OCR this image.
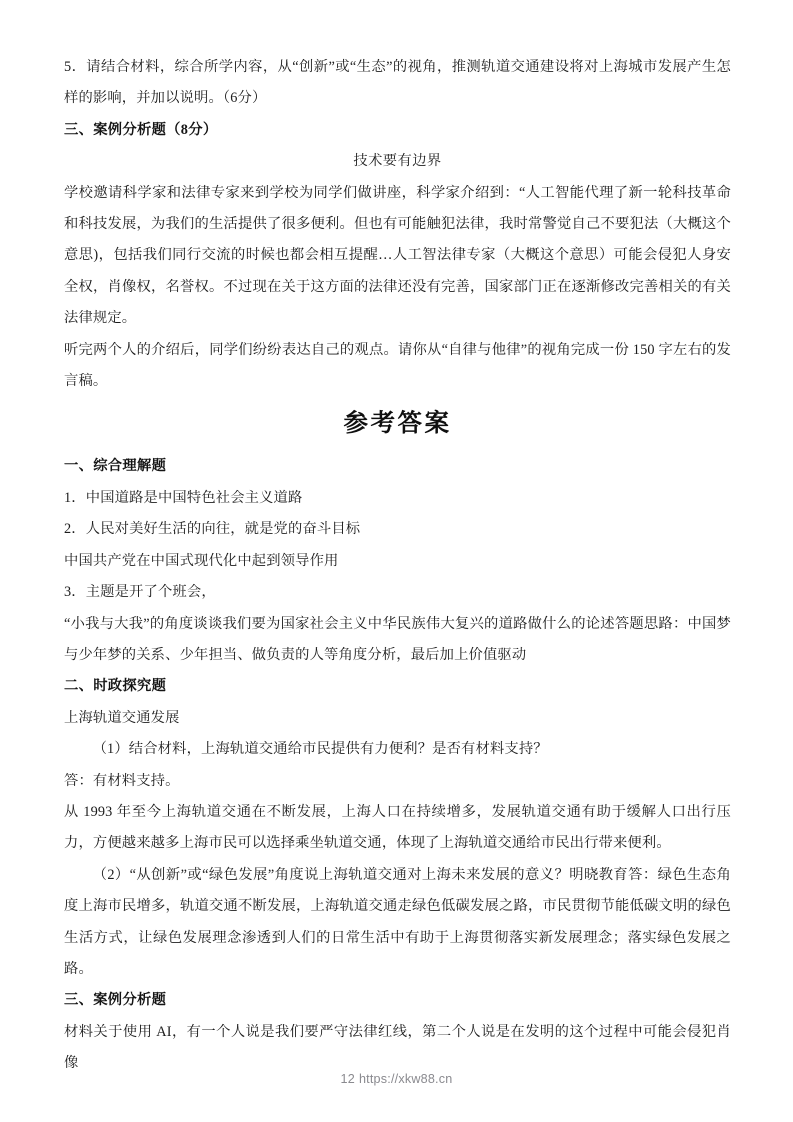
5．请结合材料，综合所学内容，从“创新”或“生态”的视角，推测轨道交通建设将对上海城市发展产生怎样的影响，并加以说明。（6分）

三、案例分析题（8分）

技术要有边界

学校邀请科学家和法律专家来到学校为同学们做讲座，科学家介绍到：“人工智能代理了新一轮科技革命和科技发展，为我们的生活提供了很多便利。但也有可能触犯法律，我时常警觉自己不要犯法（大概这个意思)，包括我们同行交流的时候也都会相互提醒…人工智法律专家（大概这个意思）可能会侵犯人身安全权，肖像权，名誉权。不过现在关于这方面的法律还没有完善，国家部门正在逐渐修改完善相关的有关法律规定。

听完两个人的介绍后，同学们纷纷表达自己的观点。请你从“自律与他律”的视角完成一份 150 字左右的发言稿。

参考答案

一、综合理解题

1．中国道路是中国特色社会主义道路

2．人民对美好生活的向往，就是党的奋斗目标

中国共产党在中国式现代化中起到领导作用

3．主题是开了个班会，

“小我与大我”的角度谈谈我们要为国家社会主义中华民族伟大复兴的道路做什么的论述答题思路：中国梦与少年梦的关系、少年担当、做负责的人等角度分析，最后加上价值驱动

二、时政探究题

上海轨道交通发展

（1）结合材料，上海轨道交通给市民提供有力便利？是否有材料支持？

答：有材料支持。

从 1993 年至今上海轨道交通在不断发展，上海人口在持续增多，发展轨道交通有助于缓解人口出行压力，方便越来越多上海市民可以选择乘坐轨道交通，体现了上海轨道交通给市民出行带来便利。

（2）“从创新”或“绿色发展”角度说上海轨道交通对上海未来发展的意义？明晓教育答：绿色生态角度上海市民增多，轨道交通不断发展，上海轨道交通走绿色低碳发展之路，市民贯彻节能低碳文明的绿色生活方式，让绿色发展理念渗透到人们的日常生活中有助于上海贯彻落实新发展理念；落实绿色发展之路。

三、案例分析题

材料关于使用 AI，有一个人说是我们要严守法律红线，第二个人说是在发明的这个过程中可能会侵犯肖像

12 https://xkw88.cn
